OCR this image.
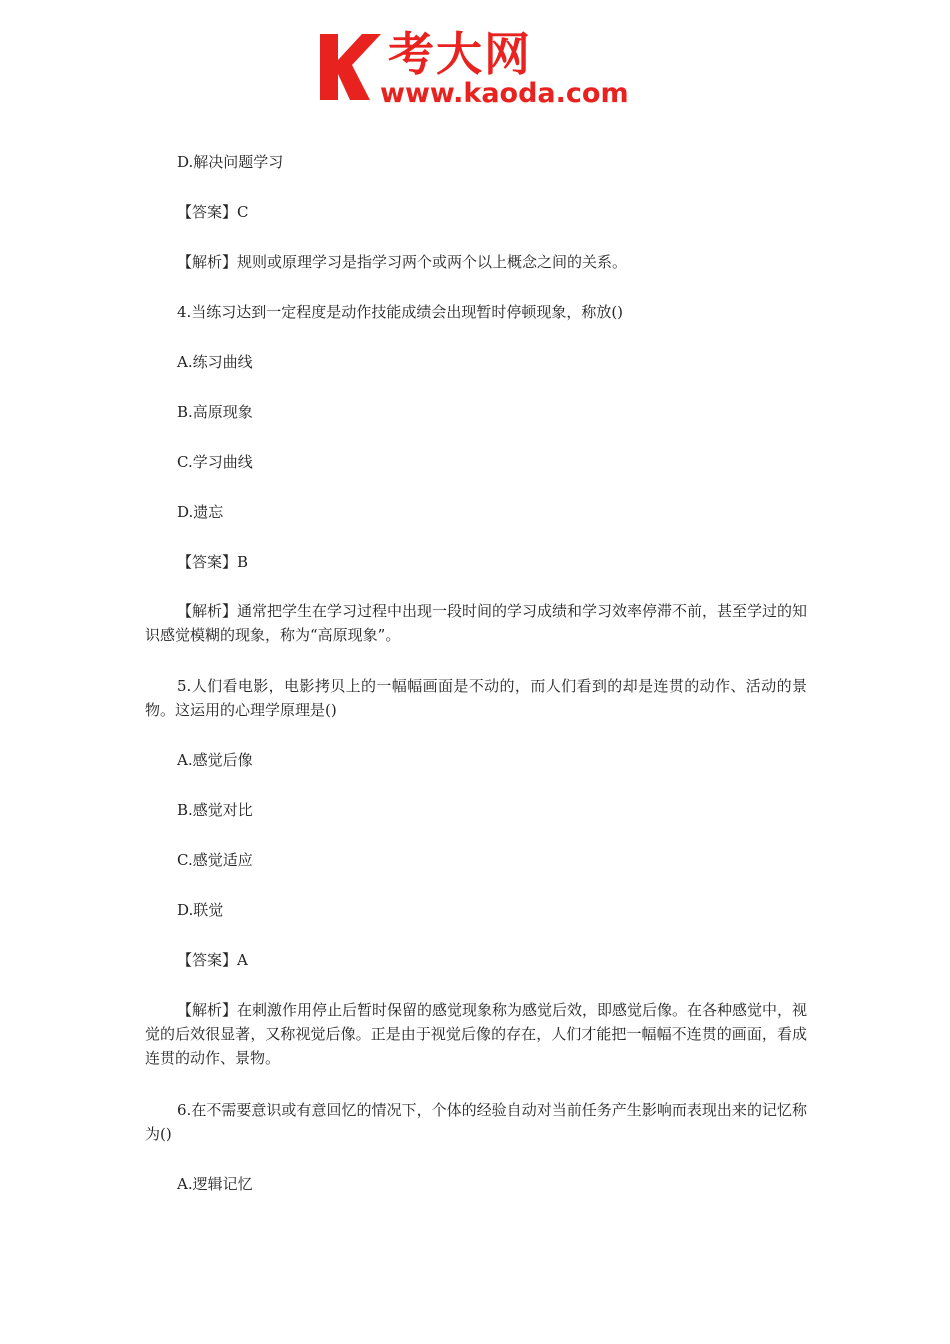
考大网
www.kaoda.com
D.解决问题学习
【答案】C
【解析】规则或原理学习是指学习两个或两个以上概念之间的关系。
4.当练习达到一定程度是动作技能成绩会出现暂时停顿现象，称放()
A.练习曲线
B.高原现象
C.学习曲线
D.遗忘
【答案】B
【解析】通常把学生在学习过程中出现一段时间的学习成绩和学习效率停滞不前，甚至学过的知识感觉模糊的现象，称为“高原现象”。
5.人们看电影，电影拷贝上的一幅幅画面是不动的，而人们看到的却是连贯的动作、活动的景物。这运用的心理学原理是()
A.感觉后像
B.感觉对比
C.感觉适应
D.联觉
【答案】A
【解析】在刺激作用停止后暂时保留的感觉现象称为感觉后效，即感觉后像。在各种感觉中，视觉的后效很显著，又称视觉后像。正是由于视觉后像的存在，人们才能把一幅幅不连贯的画面，看成连贯的动作、景物。
6.在不需要意识或有意回忆的情况下，个体的经验自动对当前任务产生影响而表现出来的记忆称为()
A.逻辑记忆
